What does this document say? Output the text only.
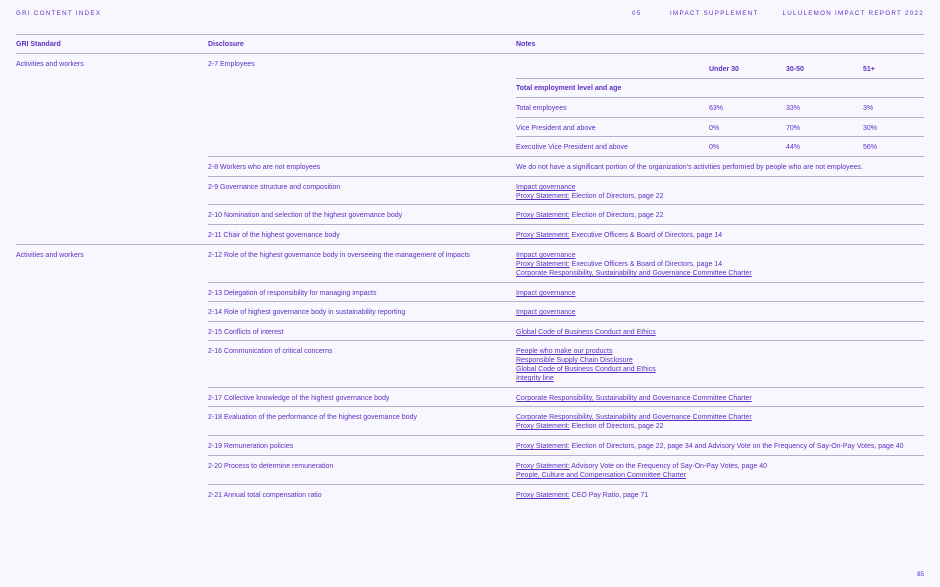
GRI CONTENT INDEX	05	IMPACT SUPPLEMENT	LULULEMON IMPACT REPORT 2022
GRI Standard	Disclosure	Notes
Activities and workers	2-7 Employees
Under 30	30-50	51+
Total employment level and age
Total employees	63%	33%	3%
Vice President and above	0%	70%	30%
Executive Vice President and above	0%	44%	56%
2-8 Workers who are not employees	We do not have a significant portion of the organization’s activities performed by people who are not employees.
2-9 Governance structure and composition	Impact governance
Proxy Statement: Election of Directors, page 22
2-10 Nomination and selection of the highest governance body	Proxy Statement: Election of Directors, page 22
2-11 Chair of the highest governance body	Proxy Statement: Executive Officers & Board of Directors, page 14
Activities and workers	2-12 Role of the highest governance body in overseeing the management of impacts	Impact governance
Proxy Statement: Executive Officers & Board of Directors, page 14
Corporate Responsibility, Sustainability and Governance Committee Charter
2-13 Delegation of responsibility for managing impacts	Impact governance
2-14 Role of highest governance body in sustainability reporting	Impact governance
2-15 Conflicts of interest	Global Code of Business Conduct and Ethics
2-16 Communication of critical concerns	People who make our products
Responsible Supply Chain Disclosure
Global Code of Business Conduct and Ethics
Integrity line
2-17 Collective knowledge of the highest governance body	Corporate Responsibility, Sustainability and Governance Committee Charter
2-18 Evaluation of the performance of the highest governance body	Corporate Responsibility, Sustainability and Governance Committee Charter
Proxy Statement: Election of Directors, page 22
2-19 Remuneration policies	Proxy Statement: Election of Directors, page 22, page 34 and Advisory Vote on the Frequency of Say-On-Pay Votes, page 40
2-20 Process to determine remuneration	Proxy Statement: Advisory Vote on the Frequency of Say-On-Pay Votes, page 40
People, Culture and Compensation Committee Charter
2-21 Annual total compensation ratio	Proxy Statement: CEO Pay Ratio, page 71
85
